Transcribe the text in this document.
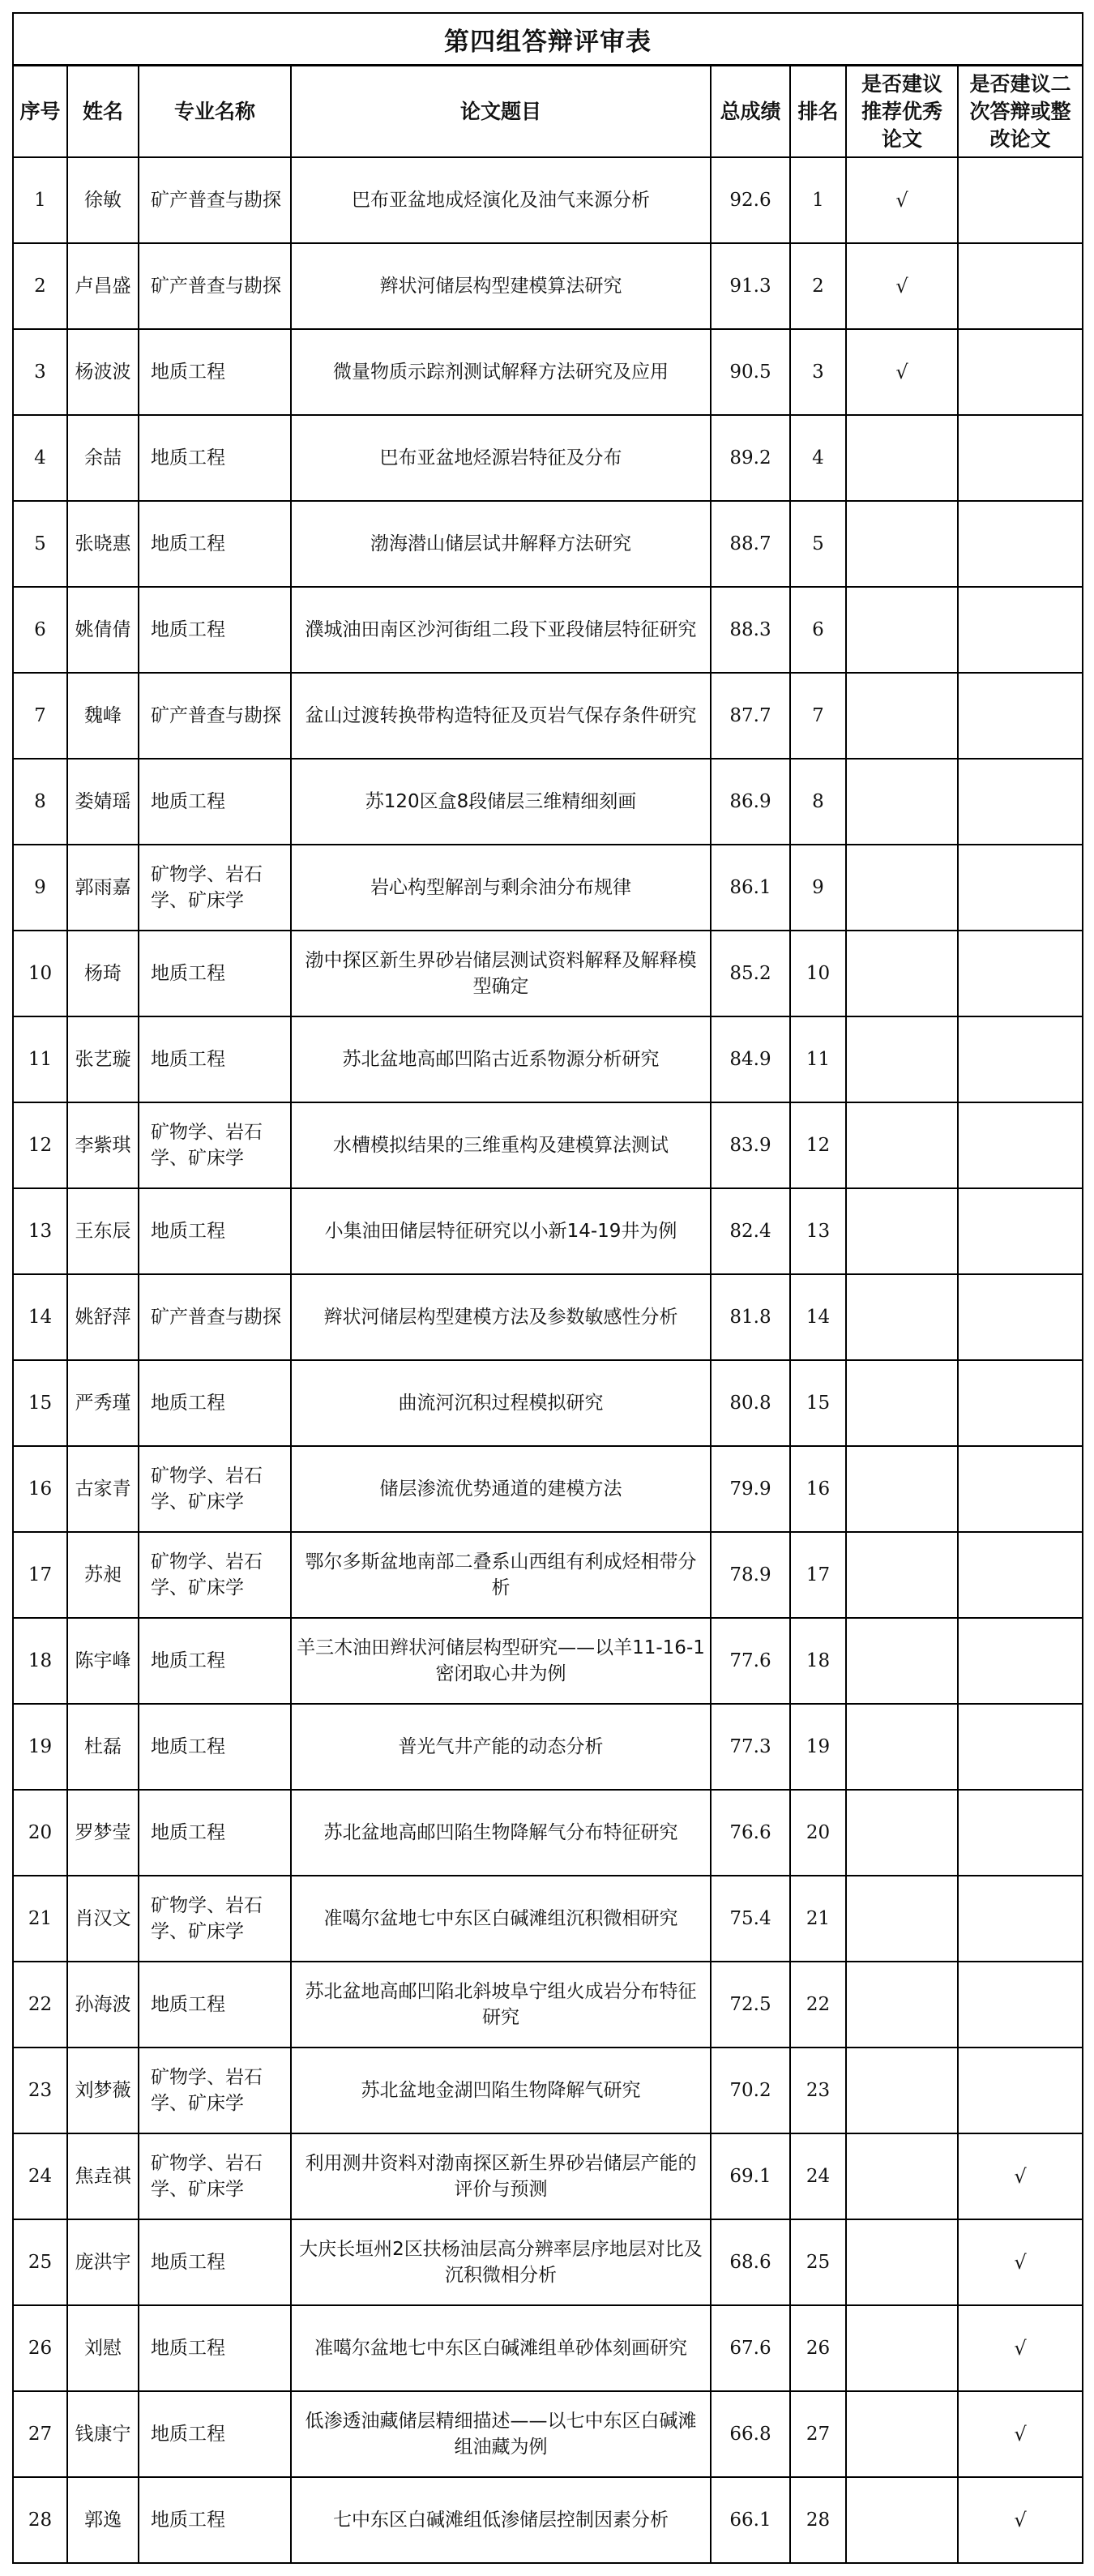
第四组答辩评审表							
序号	姓名	专业名称	论文题目	总成绩	排名	是否建议推荐优秀论文	是否建议二次答辩或整改论文
1	徐敏	矿产普查与勘探	巴布亚盆地成烃演化及油气来源分析	92.6	1	√	
2	卢昌盛	矿产普查与勘探	辫状河储层构型建模算法研究	91.3	2	√	
3	杨波波	地质工程	微量物质示踪剂测试解释方法研究及应用	90.5	3	√	
4	余喆	地质工程	巴布亚盆地烃源岩特征及分布	89.2	4		
5	张晓惠	地质工程	渤海潜山储层试井解释方法研究	88.7	5		
6	姚倩倩	地质工程	濮城油田南区沙河街组二段下亚段储层特征研究	88.3	6		
7	魏峰	矿产普查与勘探	盆山过渡转换带构造特征及页岩气保存条件研究	87.7	7		
8	娄婧瑶	地质工程	苏120区盒8段储层三维精细刻画	86.9	8		
9	郭雨嘉	矿物学、岩石学、矿床学	岩心构型解剖与剩余油分布规律	86.1	9		
10	杨琦	地质工程	渤中探区新生界砂岩储层测试资料解释及解释模型确定	85.2	10		
11	张艺璇	地质工程	苏北盆地高邮凹陷古近系物源分析研究	84.9	11		
12	李紫琪	矿物学、岩石学、矿床学	水槽模拟结果的三维重构及建模算法测试	83.9	12		
13	王东辰	地质工程	小集油田储层特征研究以小新14-19井为例	82.4	13		
14	姚舒萍	矿产普查与勘探	辫状河储层构型建模方法及参数敏感性分析	81.8	14		
15	严秀瑾	地质工程	曲流河沉积过程模拟研究	80.8	15		
16	古家青	矿物学、岩石学、矿床学	储层渗流优势通道的建模方法	79.9	16		
17	苏昶	矿物学、岩石学、矿床学	鄂尔多斯盆地南部二叠系山西组有利成烃相带分析	78.9	17		
18	陈宇峰	地质工程	羊三木油田辫状河储层构型研究——以羊11-16-1密闭取心井为例	77.6	18		
19	杜磊	地质工程	普光气井产能的动态分析	77.3	19		
20	罗梦莹	地质工程	苏北盆地高邮凹陷生物降解气分布特征研究	76.6	20		
21	肖汉文	矿物学、岩石学、矿床学	准噶尔盆地七中东区白碱滩组沉积微相研究	75.4	21		
22	孙海波	地质工程	苏北盆地高邮凹陷北斜坡阜宁组火成岩分布特征研究	72.5	22		
23	刘梦薇	矿物学、岩石学、矿床学	苏北盆地金湖凹陷生物降解气研究	70.2	23		
24	焦垚祺	矿物学、岩石学、矿床学	利用测井资料对渤南探区新生界砂岩储层产能的评价与预测	69.1	24		√
25	庞洪宇	地质工程	大庆长垣州2区扶杨油层高分辨率层序地层对比及沉积微相分析	68.6	25		√
26	刘慰	地质工程	准噶尔盆地七中东区白碱滩组单砂体刻画研究	67.6	26		√
27	钱康宁	地质工程	低渗透油藏储层精细描述——以七中东区白碱滩组油藏为例	66.8	27		√
28	郭逸	地质工程	七中东区白碱滩组低渗储层控制因素分析	66.1	28		√
